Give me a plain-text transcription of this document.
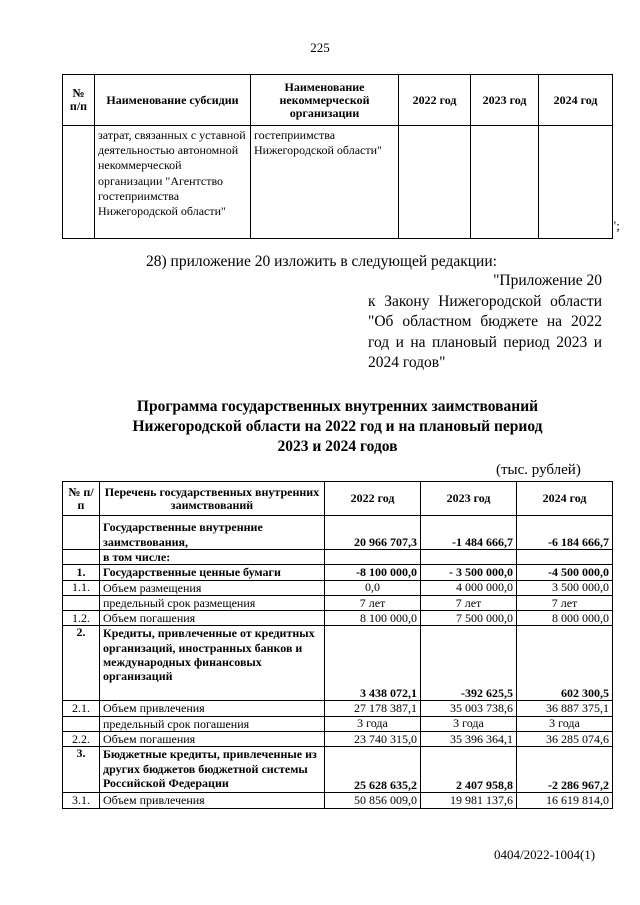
225
№ п/п	Наименование субсидии	Наименование некоммерческой организации	2022 год	2023 год	2024 год
	затрат, связанных с уставной деятельностью автономной некоммерческой организации "Агентство гостеприимства Нижегородской области"	гостеприимства Нижегородской области"			
";
28) приложение 20 изложить в следующей редакции:
"Приложение 20
к Закону Нижегородской области
"Об областном бюджете на 2022
год и на плановый период 2023 и
2024 годов"
Программа государственных внутренних заимствований
Нижегородской области на 2022 год и на плановый период
2023 и 2024 годов
(тыс. рублей)
№ п/п	Перечень государственных внутренних заимствований	2022 год	2023 год	2024 год
	Государственные внутренние заимствования,	20 966 707,3	-1 484 666,7	-6 184 666,7
	в том числе:			
1.	Государственные ценные бумаги	-8 100 000,0	- 3 500 000,0	-4 500 000,0
1.1.	Объем размещения	0,0	4 000 000,0	3 500 000,0
	предельный срок размещения	7 лет	7 лет	7 лет
1.2.	Объем погашения	8 100 000,0	7 500 000,0	8 000 000,0
2.	Кредиты, привлеченные от кредитных организаций, иностранных банков и международных финансовых организаций	3 438 072,1	-392 625,5	602 300,5
2.1.	Объем привлечения	27 178 387,1	35 003 738,6	36 887 375,1
	предельный срок погашения	3 года	3 года	3 года
2.2.	Объем погашения	23 740 315,0	35 396 364,1	36 285 074,6
3.	Бюджетные кредиты, привлеченные из других бюджетов бюджетной системы Российской Федерации	25 628 635,2	2 407 958,8	-2 286 967,2
3.1.	Объем привлечения	50 856 009,0	19 981 137,6	16 619 814,0
0404/2022-1004(1)
